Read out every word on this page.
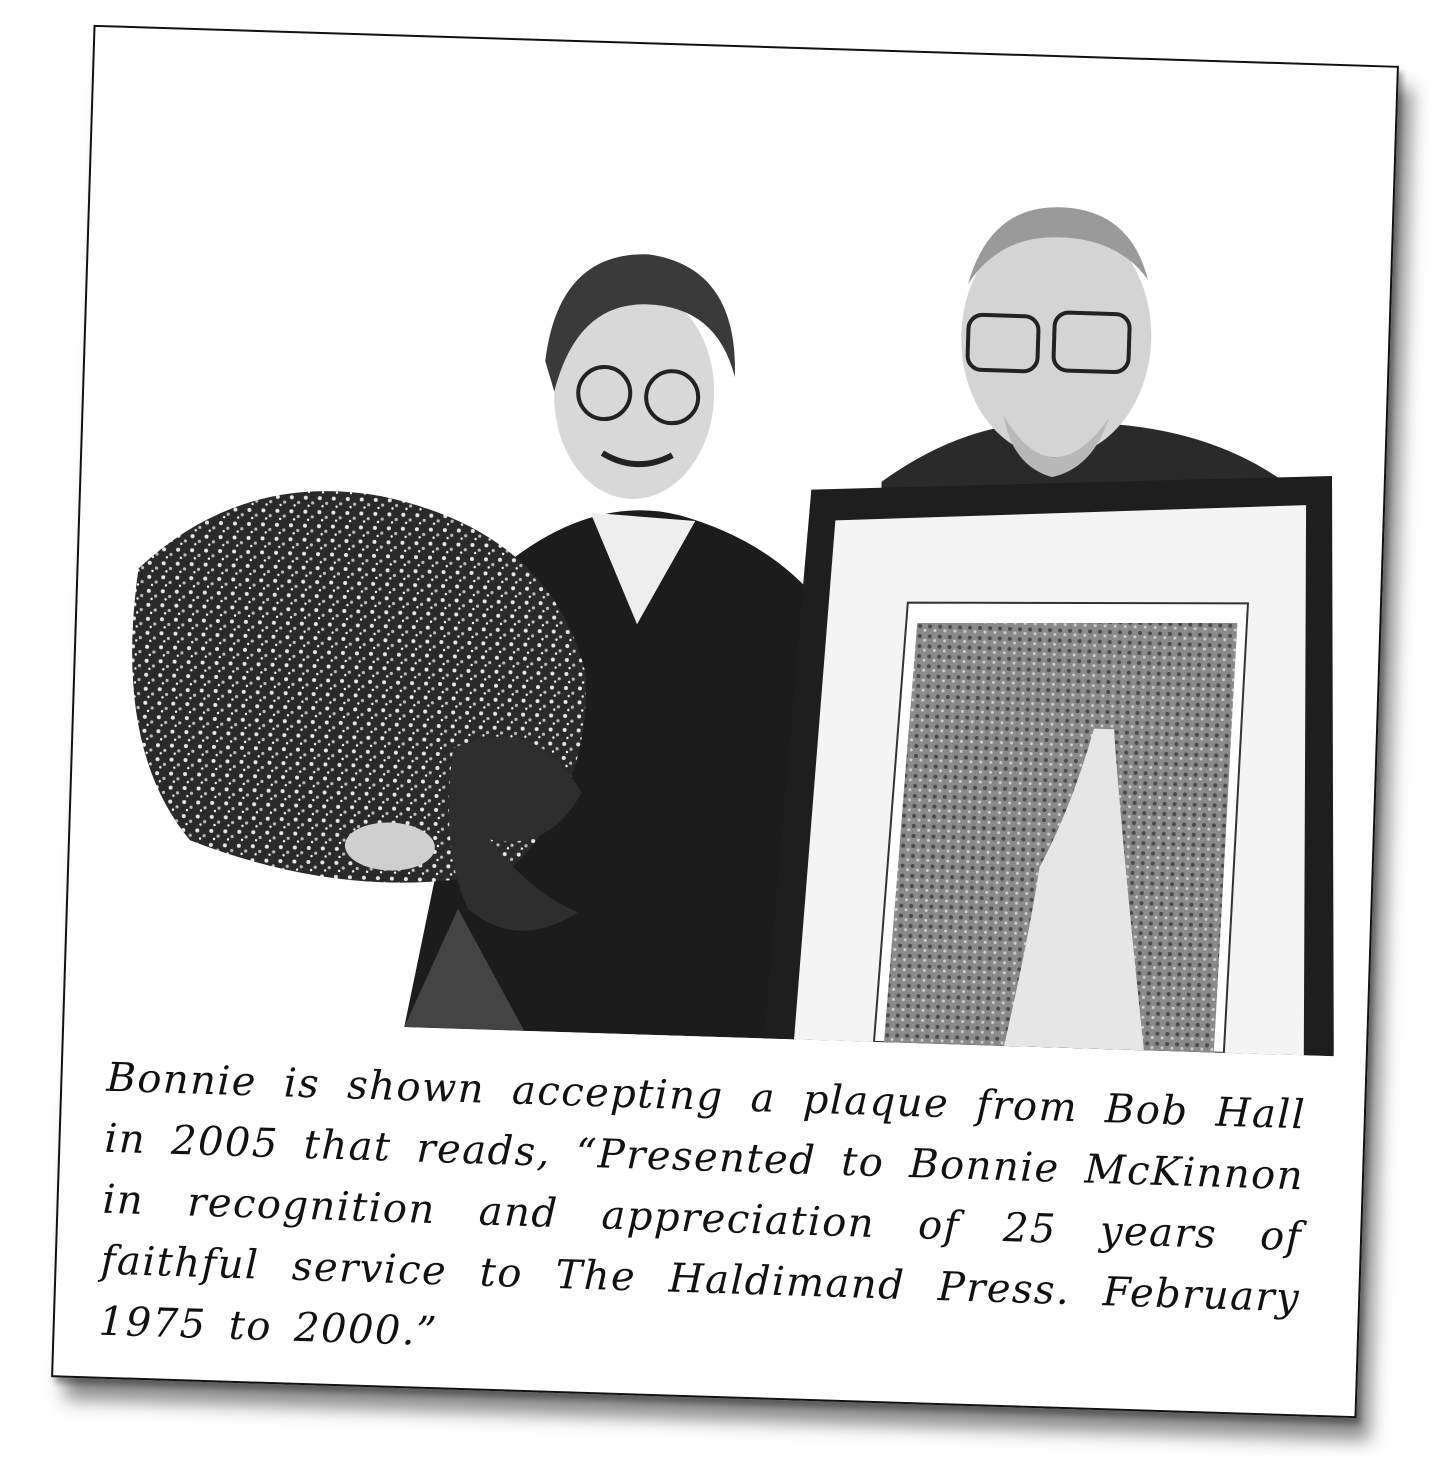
Bonnie is shown accepting a plaque from Bob Hall in 2005 that reads, “Presented to Bonnie McKinnon in recognition and appreciation of 25 years of faithful service to The Haldimand Press. February 1975 to 2000.”
